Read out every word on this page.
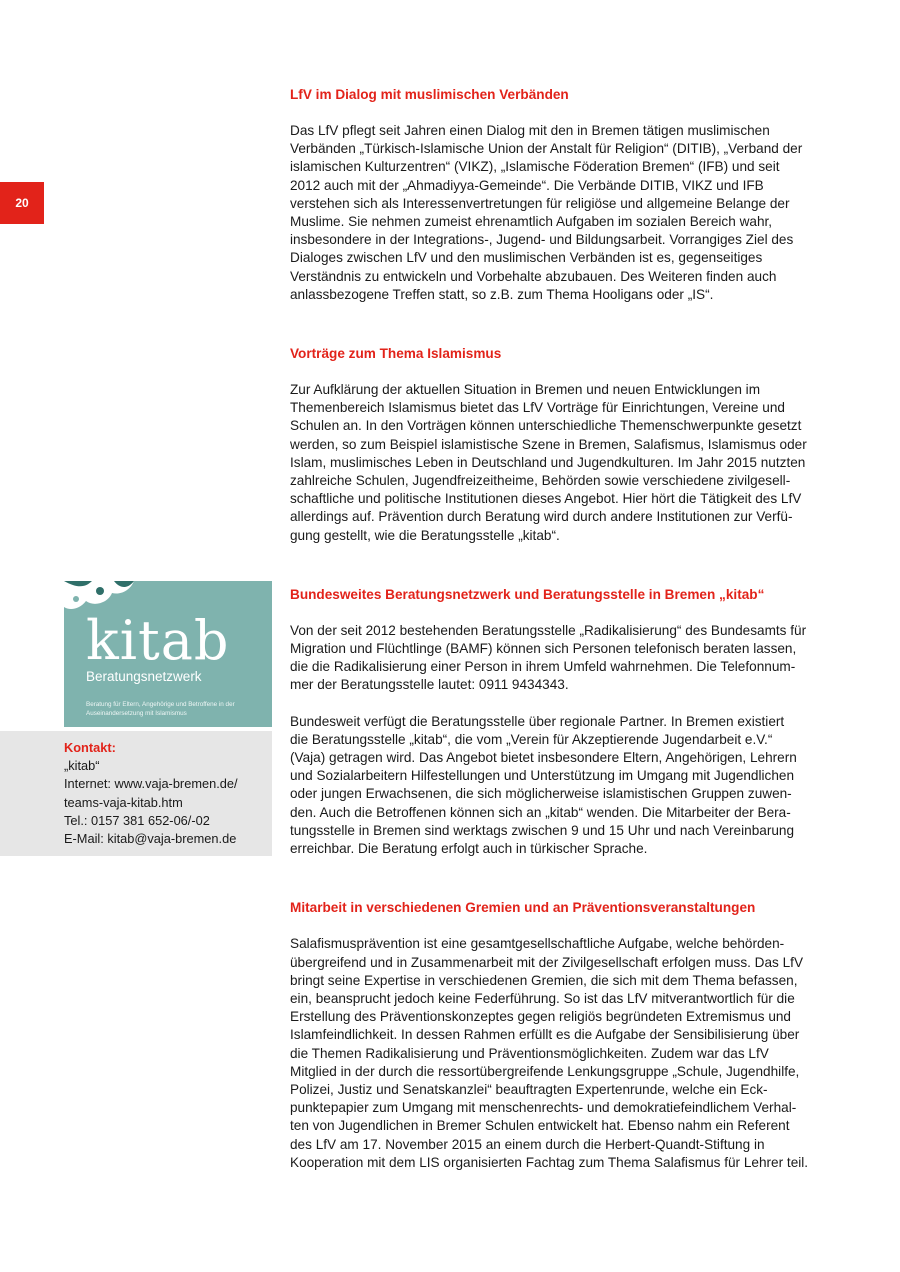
20
LfV im Dialog mit muslimischen Verbänden
Das LfV pflegt seit Jahren einen Dialog mit den in Bremen tätigen muslimischen
Verbänden „Türkisch-Islamische Union der Anstalt für Religion“ (DITIB), „Verband der
islamischen Kulturzentren“ (VIKZ), „Islamische Föderation Bremen“ (IFB) und seit
2012 auch mit der „Ahmadiyya-Gemeinde“. Die Verbände DITIB, VIKZ und IFB
verstehen sich als Interessenvertretungen für religiöse und allgemeine Belange der
Muslime. Sie nehmen zumeist ehrenamtlich Aufgaben im sozialen Bereich wahr,
insbesondere in der Integrations-, Jugend- und Bildungsarbeit. Vorrangiges Ziel des
Dialoges zwischen LfV und den muslimischen Verbänden ist es, gegenseitiges
Verständnis zu entwickeln und Vorbehalte abzubauen. Des Weiteren finden auch
anlassbezogene Treffen statt, so z.B. zum Thema Hooligans oder „IS“.
Vorträge zum Thema Islamismus
Zur Aufklärung der aktuellen Situation in Bremen und neuen Entwicklungen im
Themenbereich Islamismus bietet das LfV Vorträge für Einrichtungen, Vereine und
Schulen an. In den Vorträgen können unterschiedliche Themenschwerpunkte gesetzt
werden, so zum Beispiel islamistische Szene in Bremen, Salafismus, Islamismus oder
Islam, muslimisches Leben in Deutschland und Jugendkulturen. Im Jahr 2015 nutzten
zahlreiche Schulen, Jugendfreizeitheime, Behörden sowie verschiedene zivilgesell-
schaftliche und politische Institutionen dieses Angebot. Hier hört die Tätigkeit des LfV
allerdings auf. Prävention durch Beratung wird durch andere Institutionen zur Verfü-
gung gestellt, wie die Beratungsstelle „kitab“.
Bundesweites Beratungsnetzwerk und Beratungsstelle in Bremen „kitab“
Von der seit 2012 bestehenden Beratungsstelle „Radikalisierung“ des Bundesamts für
Migration und Flüchtlinge (BAMF) können sich Personen telefonisch beraten lassen,
die die Radikalisierung einer Person in ihrem Umfeld wahrnehmen. Die Telefonnum-
mer der Beratungsstelle lautet: 0911 9434343.
Bundesweit verfügt die Beratungsstelle über regionale Partner. In Bremen existiert
die Beratungsstelle „kitab“, die vom „Verein für Akzeptierende Jugendarbeit e.V.“
(Vaja) getragen wird. Das Angebot bietet insbesondere Eltern, Angehörigen, Lehrern
und Sozialarbeitern Hilfestellungen und Unterstützung im Umgang mit Jugendlichen
oder jungen Erwachsenen, die sich möglicherweise islamistischen Gruppen zuwen-
den. Auch die Betroffenen können sich an „kitab“ wenden. Die Mitarbeiter der Bera-
tungsstelle in Bremen sind werktags zwischen 9 und 15 Uhr und nach Vereinbarung
erreichbar. Die Beratung erfolgt auch in türkischer Sprache.
Mitarbeit in verschiedenen Gremien und an Präventionsveranstaltungen
Salafismusprävention ist eine gesamtgesellschaftliche Aufgabe, welche behörden-
übergreifend und in Zusammenarbeit mit der Zivilgesellschaft erfolgen muss. Das LfV
bringt seine Expertise in verschiedenen Gremien, die sich mit dem Thema befassen,
ein, beansprucht jedoch keine Federführung. So ist das LfV mitverantwortlich für die
Erstellung des Präventionskonzeptes gegen religiös begründeten Extremismus und
Islamfeindlichkeit. In dessen Rahmen erfüllt es die Aufgabe der Sensibilisierung über
die Themen Radikalisierung und Präventionsmöglichkeiten. Zudem war das LfV
Mitglied in der durch die ressortübergreifende Lenkungsgruppe „Schule, Jugendhilfe,
Polizei, Justiz und Senatskanzlei“ beauftragten Expertenrunde, welche ein Eck-
punktepapier zum Umgang mit menschenrechts- und demokratiefeindlichem Verhal-
ten von Jugendlichen in Bremer Schulen entwickelt hat. Ebenso nahm ein Referent
des LfV am 17. November 2015 an einem durch die Herbert-Quandt-Stiftung in
Kooperation mit dem LIS organisierten Fachtag zum Thema Salafismus für Lehrer teil.
kitab
Beratungsnetzwerk
Beratung für Eltern, Angehörige und Betroffene in der Auseinandersetzung mit Islamismus
Kontakt:
„kitab“
Internet: www.vaja-bremen.de/
teams-vaja-kitab.htm
Tel.: 0157 381 652-06/-02
E-Mail: kitab@vaja-bremen.de
